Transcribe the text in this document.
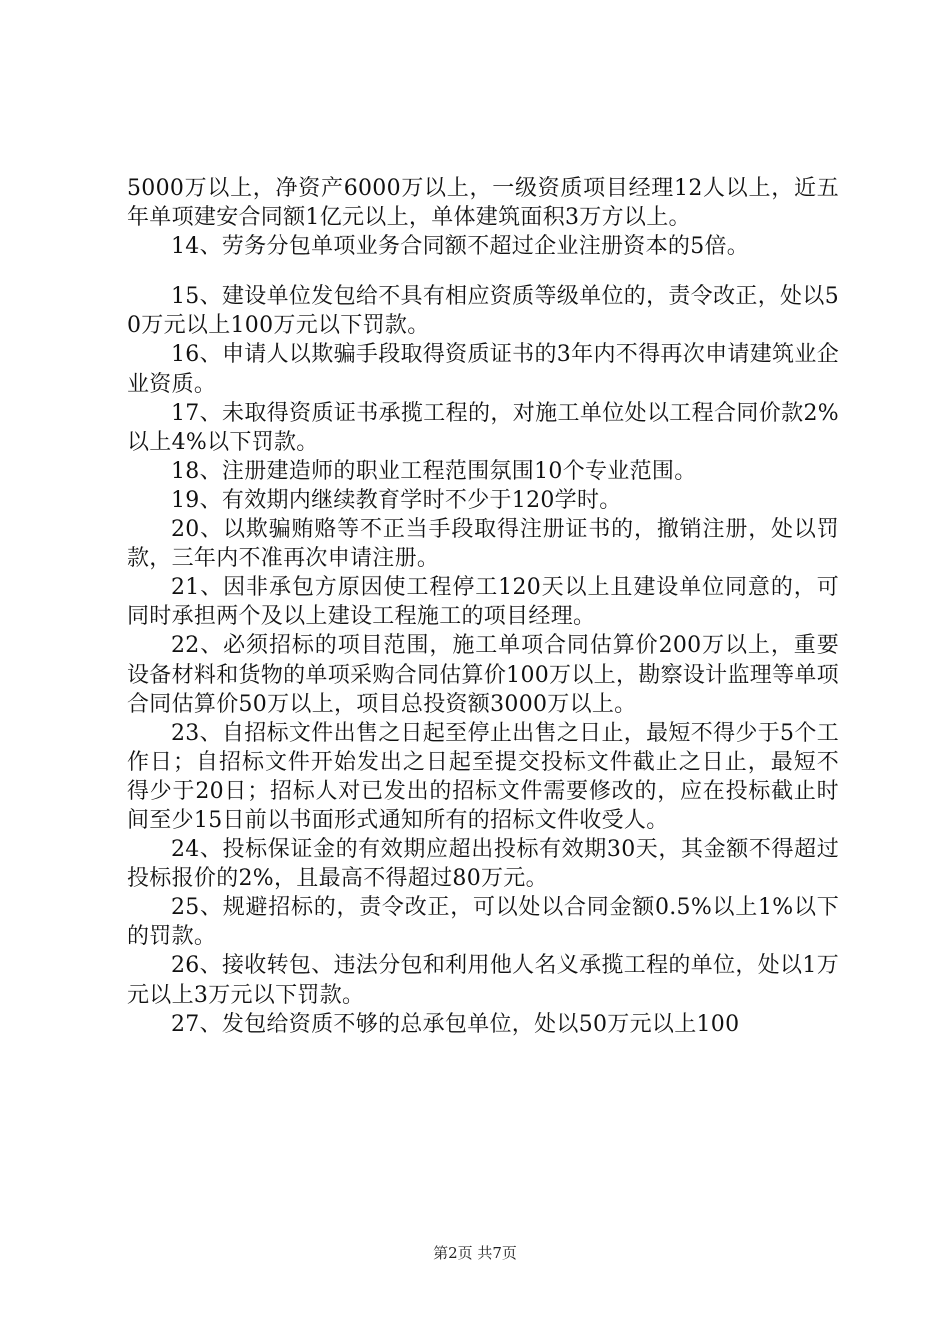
5000万以上，净资产6000万以上，一级资质项目经理12人以上，近五年单项建安合同额1亿元以上，单体建筑面积3万方以上。

14、劳务分包单项业务合同额不超过企业注册资本的5倍。

15、建设单位发包给不具有相应资质等级单位的，责令改正，处以50万元以上100万元以下罚款。

16、申请人以欺骗手段取得资质证书的3年内不得再次申请建筑业企业资质。

17、未取得资质证书承揽工程的，对施工单位处以工程合同价款2%以上4%以下罚款。

18、注册建造师的职业工程范围氛围10个专业范围。

19、有效期内继续教育学时不少于120学时。

20、以欺骗贿赂等不正当手段取得注册证书的，撤销注册，处以罚款，三年内不准再次申请注册。

21、因非承包方原因使工程停工120天以上且建设单位同意的，可同时承担两个及以上建设工程施工的项目经理。

22、必须招标的项目范围，施工单项合同估算价200万以上，重要设备材料和货物的单项采购合同估算价100万以上，勘察设计监理等单项合同估算价50万以上，项目总投资额3000万以上。

23、自招标文件出售之日起至停止出售之日止，最短不得少于5个工作日；自招标文件开始发出之日起至提交投标文件截止之日止，最短不得少于20日；招标人对已发出的招标文件需要修改的，应在投标截止时间至少15日前以书面形式通知所有的招标文件收受人。

24、投标保证金的有效期应超出投标有效期30天，其金额不得超过投标报价的2%，且最高不得超过80万元。

25、规避招标的，责令改正，可以处以合同金额0.5%以上1%以下的罚款。

26、接收转包、违法分包和利用他人名义承揽工程的单位，处以1万元以上3万元以下罚款。

27、发包给资质不够的总承包单位，处以50万元以上100

第2页 共7页
